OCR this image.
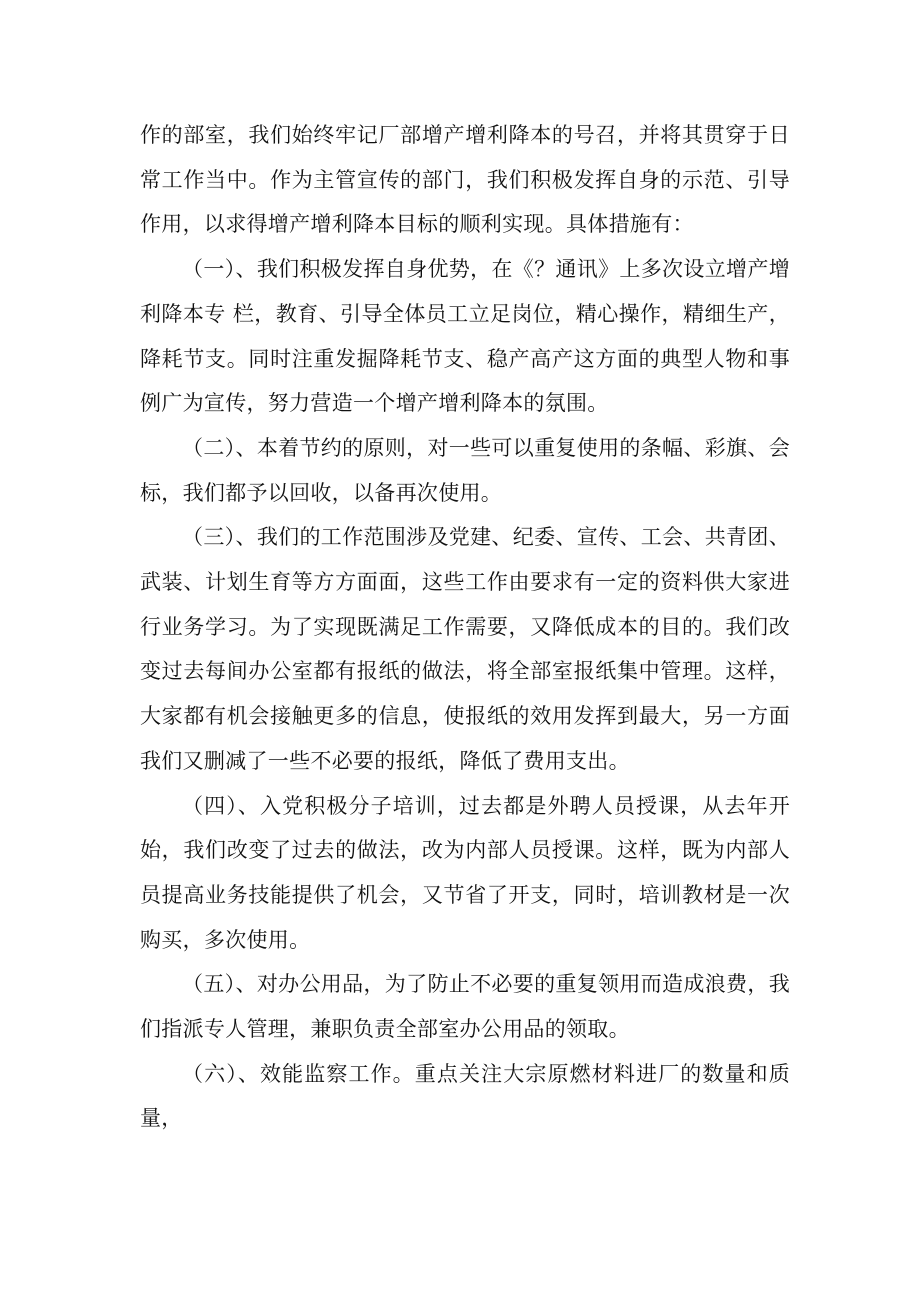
作的部室，我们始终牢记厂部增产增利降本的号召，并将其贯穿于日常工作当中。作为主管宣传的部门，我们积极发挥自身的示范、引导作用，以求得增产增利降本目标的顺利实现。具体措施有：

（一）、我们积极发挥自身优势，在《？通讯》上多次设立增产增利降本专 栏，教育、引导全体员工立足岗位，精心操作，精细生产，降耗节支。同时注重发掘降耗节支、稳产高产这方面的典型人物和事例广为宣传，努力营造一个增产增利降本的氛围。

（二）、本着节约的原则，对一些可以重复使用的条幅、彩旗、会标，我们都予以回收，以备再次使用。

（三）、我们的工作范围涉及党建、纪委、宣传、工会、共青团、武装、计划生育等方方面面，这些工作由要求有一定的资料供大家进行业务学习。为了实现既满足工作需要，又降低成本的目的。我们改变过去每间办公室都有报纸的做法，将全部室报纸集中管理。这样，大家都有机会接触更多的信息，使报纸的效用发挥到最大，另一方面我们又删减了一些不必要的报纸，降低了费用支出。

（四）、入党积极分子培训，过去都是外聘人员授课，从去年开始，我们改变了过去的做法，改为内部人员授课。这样，既为内部人员提高业务技能提供了机会，又节省了开支，同时，培训教材是一次购买，多次使用。

（五）、对办公用品，为了防止不必要的重复领用而造成浪费，我们指派专人管理，兼职负责全部室办公用品的领取。

（六）、效能监察工作。重点关注大宗原燃材料进厂的数量和质量，
